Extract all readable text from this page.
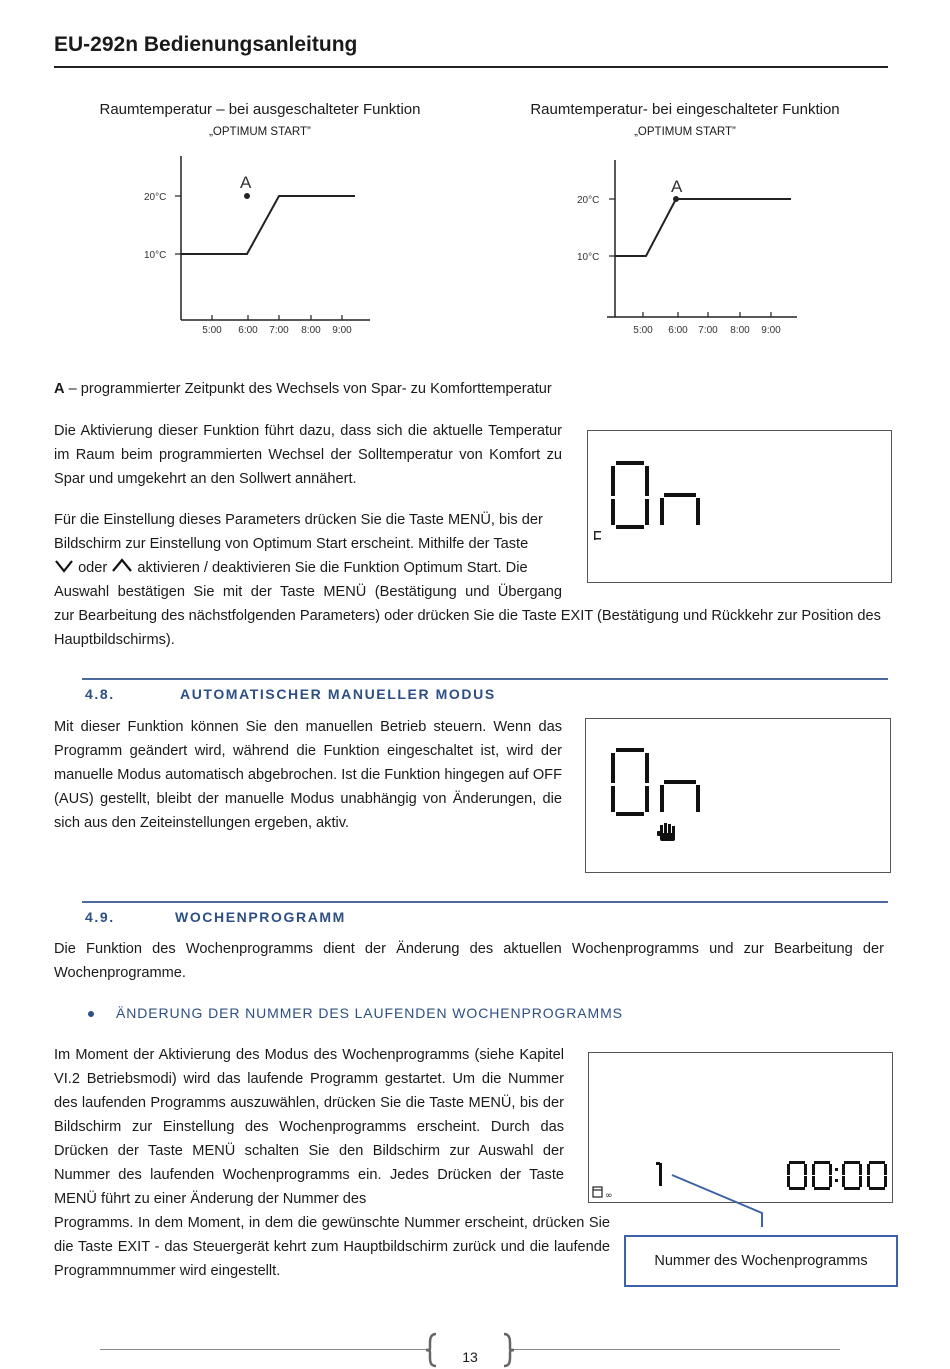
EU-292n Bedienungsanleitung
Raumtemperatur – bei ausgeschalteter Funktion
„OPTIMUM START”
20°C
10°C
5:00 6:00 7:00 8:00 9:00
A
Raumtemperatur- bei eingeschalteter Funktion
„OPTIMUM START”
20°C
10°C
5:00 6:00 7:00 8:00 9:00
A
A – programmierter Zeitpunkt des Wechsels von Spar- zu Komforttemperatur
Die Aktivierung dieser Funktion führt dazu, dass sich die aktuelle Temperatur im Raum beim programmierten Wechsel der Solltemperatur von Komfort zu Spar und umgekehrt an den Sollwert annähert.
Für die Einstellung dieses Parameters drücken Sie die Taste MENÜ, bis der
Bildschirm zur Einstellung von Optimum Start erscheint. Mithilfe der Taste
oder aktivieren / deaktivieren Sie die Funktion Optimum Start. Die
Auswahl bestätigen Sie mit der Taste MENÜ (Bestätigung und Übergang
zur Bearbeitung des nächstfolgenden Parameters) oder drücken Sie die Taste EXIT (Bestätigung und Rückkehr zur Position des Hauptbildschirms).
4.8.	AUTOMATISCHER MANUELLER MODUS
Mit dieser Funktion können Sie den manuellen Betrieb steuern. Wenn das Programm geändert wird, während die Funktion eingeschaltet ist, wird der manuelle Modus automatisch abgebrochen. Ist die Funktion hingegen auf OFF (AUS) gestellt, bleibt der manuelle Modus unabhängig von Änderungen, die sich aus den Zeiteinstellungen ergeben, aktiv.
4.9.	WOCHENPROGRAMM
Die Funktion des Wochenprogramms dient der Änderung des aktuellen Wochenprogramms und zur Bearbeitung der Wochenprogramme.
ÄNDERUNG DER NUMMER DES LAUFENDEN WOCHENPROGRAMMS
Im Moment der Aktivierung des Modus des Wochenprogramms (siehe Kapitel VI.2 Betriebsmodi) wird das laufende Programm gestartet. Um die Nummer des laufenden Programms auszuwählen, drücken Sie die Taste MENÜ, bis der Bildschirm zur Einstellung des Wochenprogramms erscheint. Durch das Drücken der Taste MENÜ schalten Sie den Bildschirm zur Auswahl der Nummer des laufenden Wochenprogramms ein. Jedes Drücken der Taste MENÜ führt zu einer Änderung der Nummer des
Programms. In dem Moment, in dem die gewünschte Nummer erscheint, drücken Sie die Taste EXIT - das Steuergerät kehrt zum Hauptbildschirm zurück und die laufende Programmnummer wird eingestellt.
∞
Nummer des Wochenprogramms
13
